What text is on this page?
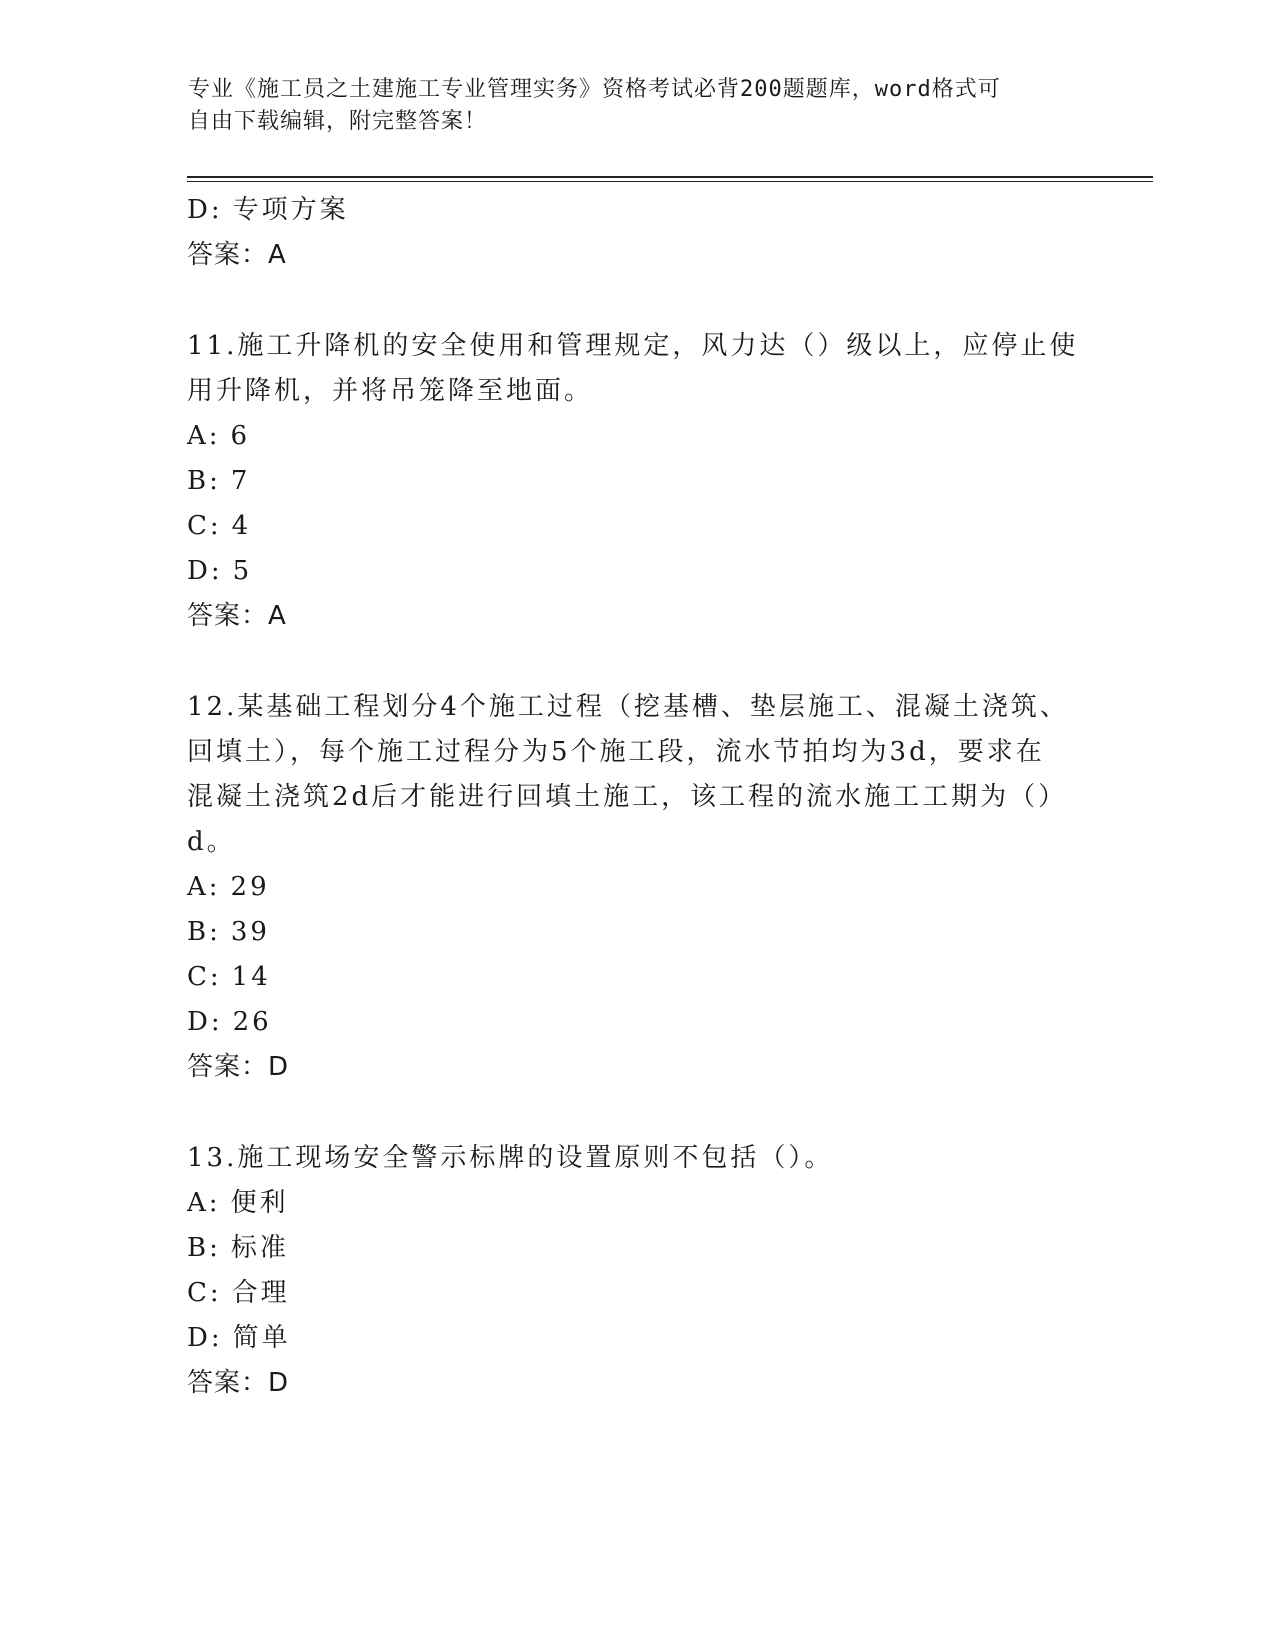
专业《施工员之土建施工专业管理实务》资格考试必背200题题库，word格式可
自由下载编辑，附完整答案！
D: 专项方案
答案：A
11.施工升降机的安全使用和管理规定，风力达（）级以上，应停止使
用升降机，并将吊笼降至地面。
A: 6
B: 7
C: 4
D: 5
答案：A
12.某基础工程划分4个施工过程（挖基槽、垫层施工、混凝土浇筑、
回填土），每个施工过程分为5个施工段，流水节拍均为3d，要求在
混凝土浇筑2d后才能进行回填土施工，该工程的流水施工工期为（）
d。
A: 29
B: 39
C: 14
D: 26
答案：D
13.施工现场安全警示标牌的设置原则不包括（）。
A: 便利
B: 标准
C: 合理
D: 简单
答案：D
